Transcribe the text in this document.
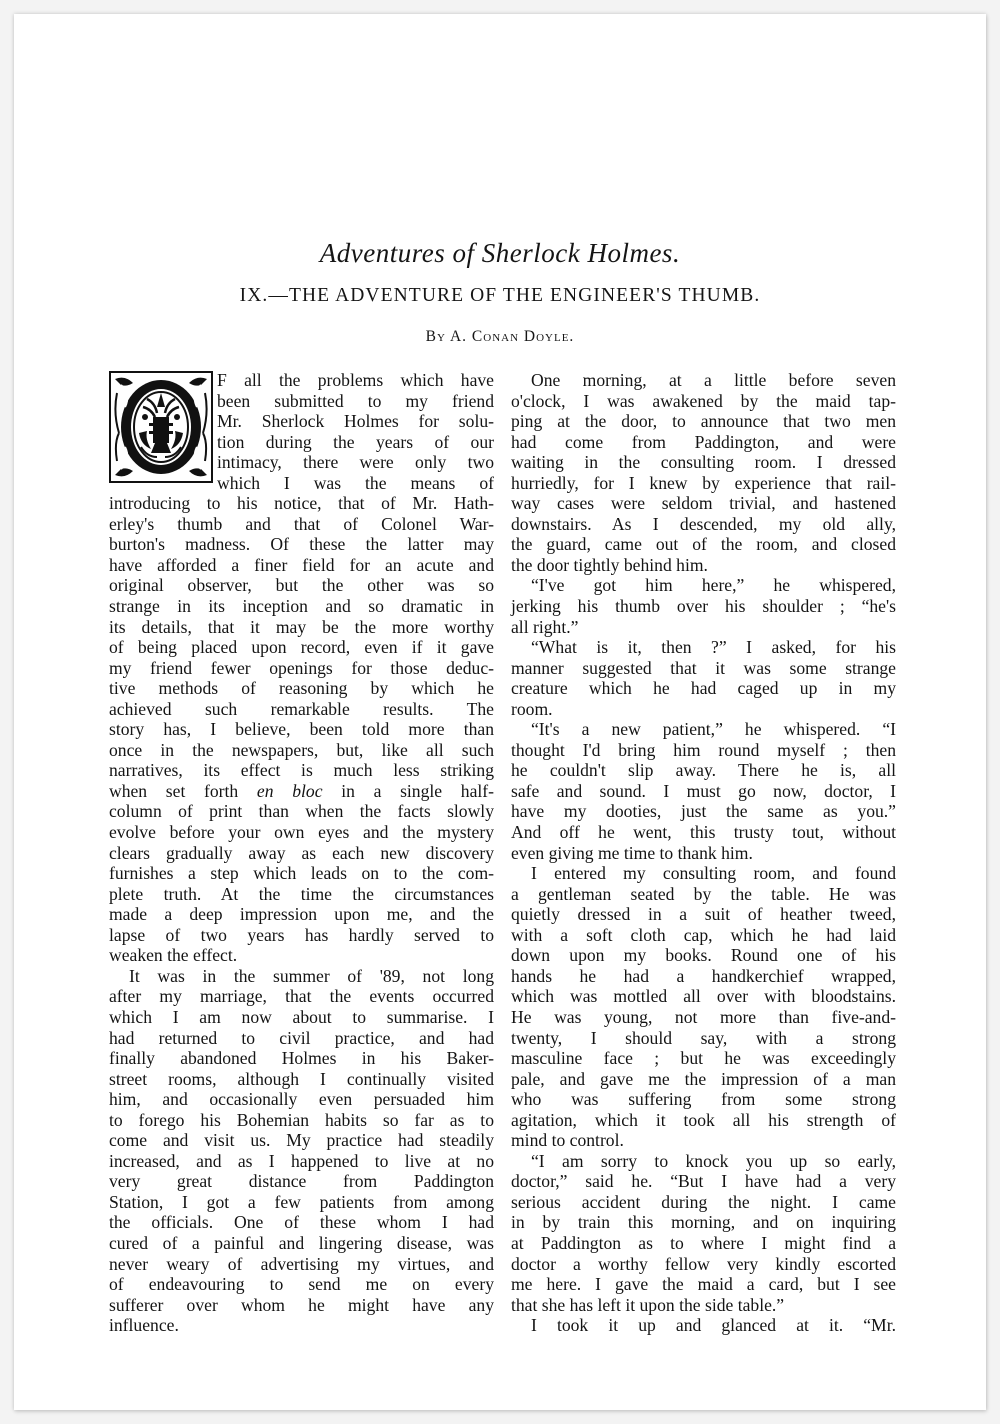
Adventures of Sherlock Holmes.
IX.—THE ADVENTURE OF THE ENGINEER'S THUMB.
By A. Conan Doyle.
F all the problems which have
been submitted to my friend
Mr. Sherlock Holmes for solu-
tion during the years of our
intimacy, there were only two
which I was the means of
introducing to his notice, that of Mr. Hath-
erley's thumb and that of Colonel War-
burton's madness. Of these the latter may
have afforded a finer field for an acute and
original observer, but the other was so
strange in its inception and so dramatic in
its details, that it may be the more worthy
of being placed upon record, even if it gave
my friend fewer openings for those deduc-
tive methods of reasoning by which he
achieved such remarkable results. The
story has, I believe, been told more than
once in the newspapers, but, like all such
narratives, its effect is much less striking
when set forth en bloc in a single half-
column of print than when the facts slowly
evolve before your own eyes and the mystery
clears gradually away as each new discovery
furnishes a step which leads on to the com-
plete truth. At the time the circumstances
made a deep impression upon me, and the
lapse of two years has hardly served to
weaken the effect.
It was in the summer of '89, not long
after my marriage, that the events occurred
which I am now about to summarise. I
had returned to civil practice, and had
finally abandoned Holmes in his Baker-
street rooms, although I continually visited
him, and occasionally even persuaded him
to forego his Bohemian habits so far as to
come and visit us. My practice had steadily
increased, and as I happened to live at no
very great distance from Paddington
Station, I got a few patients from among
the officials. One of these whom I had
cured of a painful and lingering disease, was
never weary of advertising my virtues, and
of endeavouring to send me on every
sufferer over whom he might have any
influence.
One morning, at a little before seven
o'clock, I was awakened by the maid tap-
ping at the door, to announce that two men
had come from Paddington, and were
waiting in the consulting room. I dressed
hurriedly, for I knew by experience that rail-
way cases were seldom trivial, and hastened
downstairs. As I descended, my old ally,
the guard, came out of the room, and closed
the door tightly behind him.
“I've got him here,” he whispered,
jerking his thumb over his shoulder ; “he's
all right.”
“What is it, then ?” I asked, for his
manner suggested that it was some strange
creature which he had caged up in my
room.
“It's a new patient,” he whispered. “I
thought I'd bring him round myself ; then
he couldn't slip away. There he is, all
safe and sound. I must go now, doctor, I
have my dooties, just the same as you.”
And off he went, this trusty tout, without
even giving me time to thank him.
I entered my consulting room, and found
a gentleman seated by the table. He was
quietly dressed in a suit of heather tweed,
with a soft cloth cap, which he had laid
down upon my books. Round one of his
hands he had a handkerchief wrapped,
which was mottled all over with bloodstains.
He was young, not more than five-and-
twenty, I should say, with a strong
masculine face ; but he was exceedingly
pale, and gave me the impression of a man
who was suffering from some strong
agitation, which it took all his strength of
mind to control.
“I am sorry to knock you up so early,
doctor,” said he. “But I have had a very
serious accident during the night. I came
in by train this morning, and on inquiring
at Paddington as to where I might find a
doctor a worthy fellow very kindly escorted
me here. I gave the maid a card, but I see
that she has left it upon the side table.”
I took it up and glanced at it. “Mr.
